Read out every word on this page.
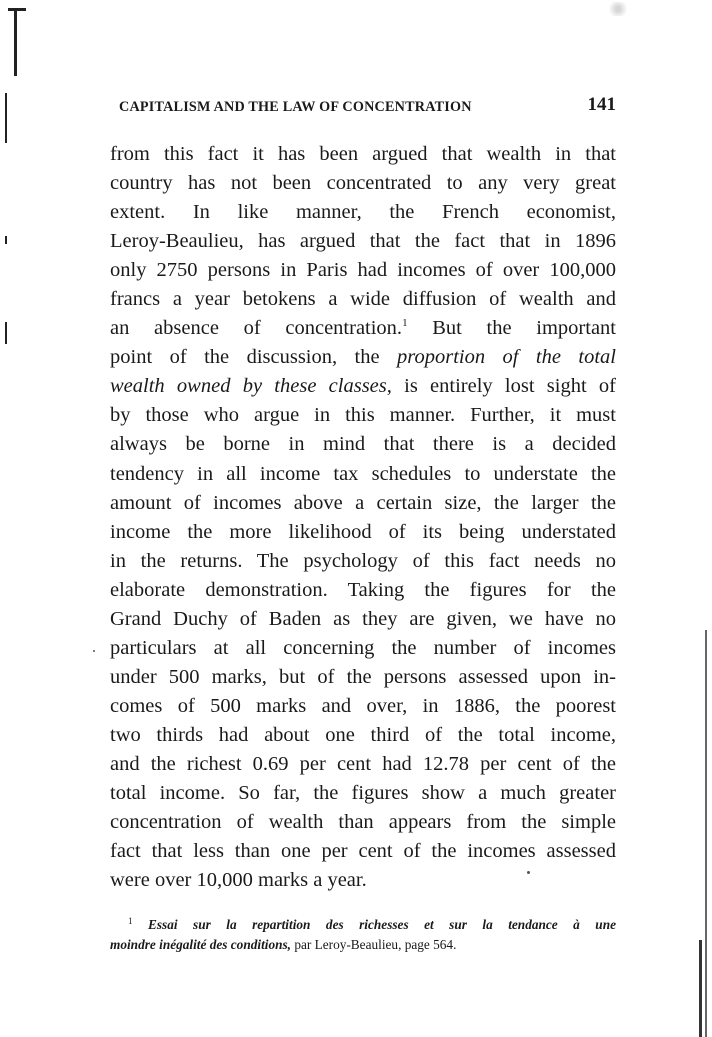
CAPITALISM AND THE LAW OF CONCENTRATION	141
from this fact it has been argued that wealth in that
country has not been concentrated to any very great
extent. In like manner, the French economist,
Leroy-Beaulieu, has argued that the fact that in 1896
only 2750 persons in Paris had incomes of over 100,000
francs a year betokens a wide diffusion of wealth and
an absence of concentration.$^1$ But the important
point of the discussion, the proportion of the total
wealth owned by these classes, is entirely lost sight of
by those who argue in this manner. Further, it must
always be borne in mind that there is a decided
tendency in all income tax schedules to understate the
amount of incomes above a certain size, the larger the
income the more likelihood of its being understated
in the returns. The psychology of this fact needs no
elaborate demonstration. Taking the figures for the
Grand Duchy of Baden as they are given, we have no
particulars at all concerning the number of incomes
under 500 marks, but of the persons assessed upon in-
comes of 500 marks and over, in 1886, the poorest
two thirds had about one third of the total income,
and the richest 0.69 per cent had 12.78 per cent of the
total income. So far, the figures show a much greater
concentration of wealth than appears from the simple
fact that less than one per cent of the incomes assessed
were over 10,000 marks a year.
$^1$ Essai sur la repartition des richesses et sur la tendance à une
moindre inégalité des conditions, par Leroy-Beaulieu, page 564.
